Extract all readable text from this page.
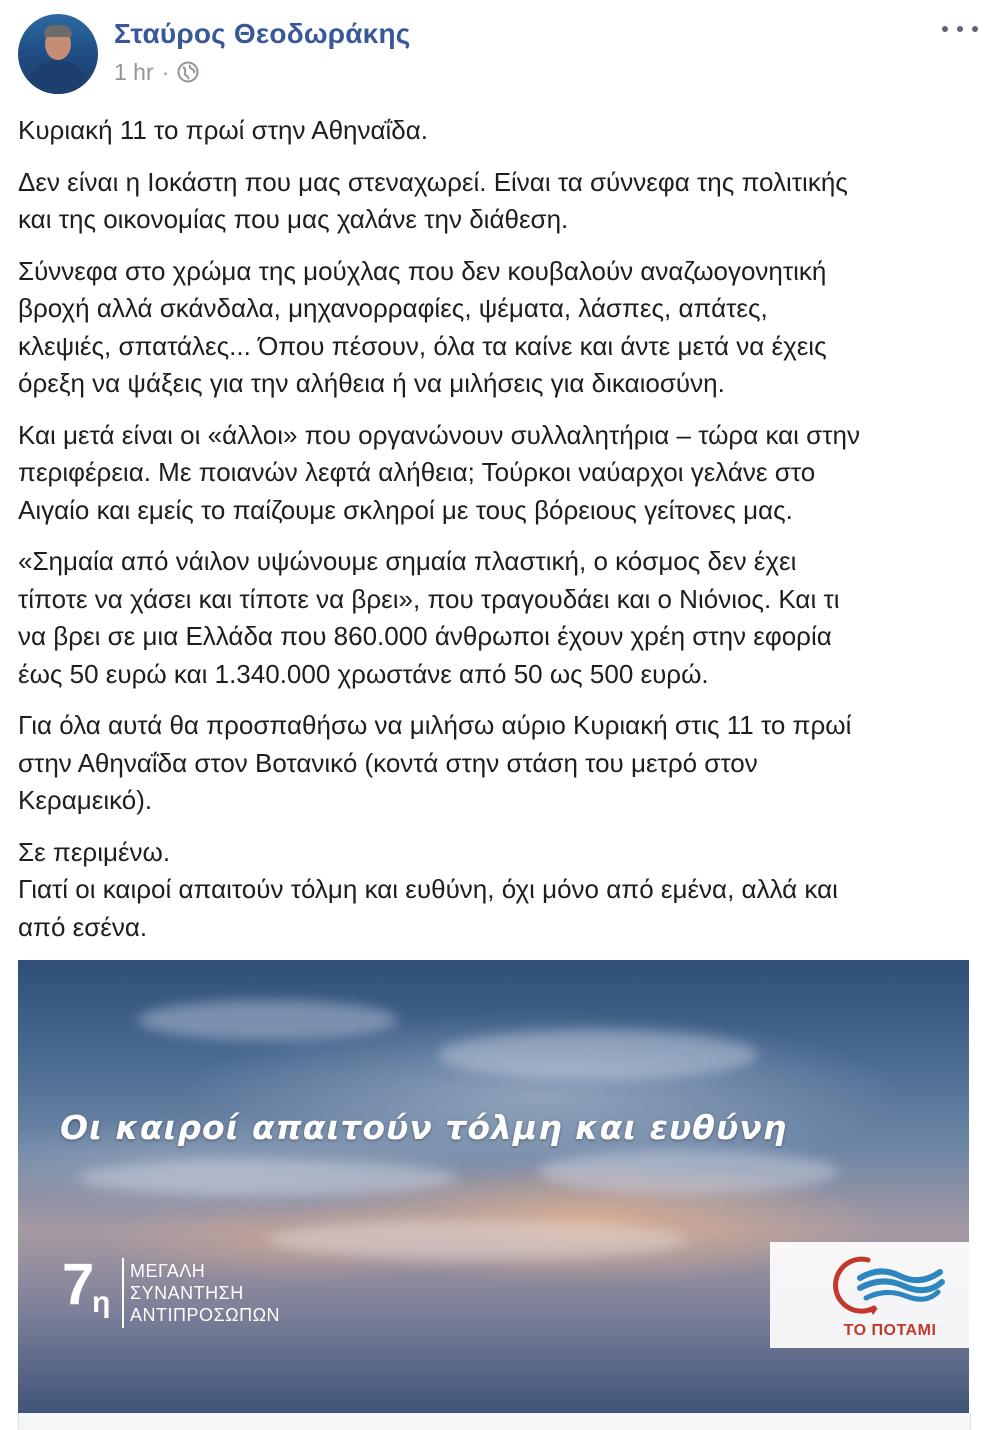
Σταύρος Θεοδωράκης
1 hr ·

Κυριακή 11 το πρωί στην Αθηναΐδα.

Δεν είναι η Ιοκάστη που μας στεναχωρεί. Είναι τα σύννεφα της πολιτικής
και της οικονομίας που μας χαλάνε την διάθεση.

Σύννεφα στο χρώμα της μούχλας που δεν κουβαλούν αναζωογονητική
βροχή αλλά σκάνδαλα, μηχανορραφίες, ψέματα, λάσπες, απάτες,
κλεψιές, σπατάλες... Όπου πέσουν, όλα τα καίνε και άντε μετά να έχεις
όρεξη να ψάξεις για την αλήθεια ή να μιλήσεις για δικαιοσύνη.

Και μετά είναι οι «άλλοι» που οργανώνουν συλλαλητήρια – τώρα και στην
περιφέρεια. Με ποιανών λεφτά αλήθεια; Τούρκοι ναύαρχοι γελάνε στο
Αιγαίο και εμείς το παίζουμε σκληροί με τους βόρειους γείτονες μας.

«Σημαία από νάιλον υψώνουμε σημαία πλαστική, ο κόσμος δεν έχει
τίποτε να χάσει και τίποτε να βρει», που τραγουδάει και ο Νιόνιος. Και τι
να βρει σε μια Ελλάδα που 860.000 άνθρωποι έχουν χρέη στην εφορία
έως 50 ευρώ και 1.340.000 χρωστάνε από 50 ως 500 ευρώ.

Για όλα αυτά θα προσπαθήσω να μιλήσω αύριο Κυριακή στις 11 το πρωί
στην Αθηναΐδα στον Βοτανικό (κοντά στην στάση του μετρό στον
Κεραμεικό).

Σε περιμένω.
Γιατί οι καιροί απαιτούν τόλμη και ευθύνη, όχι μόνο από εμένα, αλλά και
από εσένα.

Οι καιροί απαιτούν τόλμη και ευθύνη
7
η
ΜΕΓΑΛΗ
ΣΥΝΑΝΤΗΣΗ
ΑΝΤΙΠΡΟΣΩΠΩΝ
ΤΟ ΠΟΤΑΜΙ
